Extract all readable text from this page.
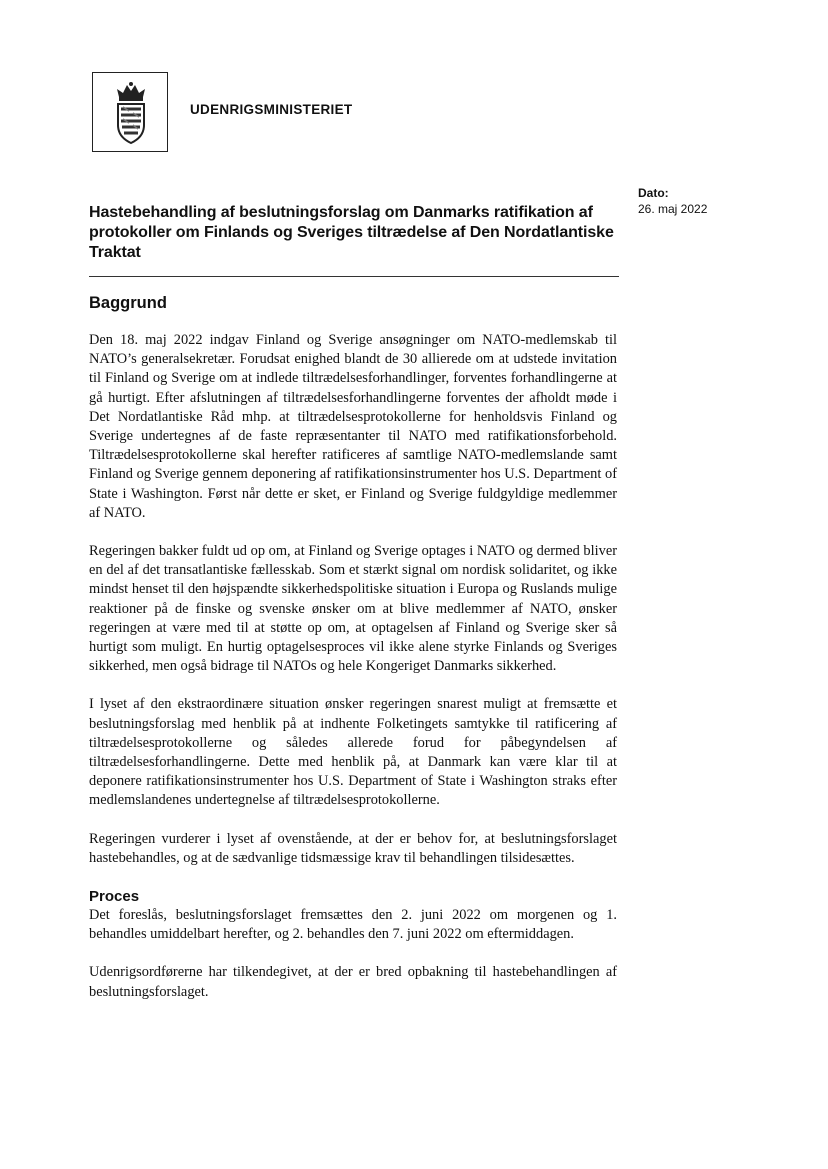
UDENRIGSMINISTERIET
Dato:
26. maj 2022
Hastebehandling af beslutningsforslag om Danmarks ratifikation af protokoller om Finlands og Sveriges tiltrædelse af Den Nordatlantiske Traktat
Baggrund

Den 18. maj 2022 indgav Finland og Sverige ansøgninger om NATO-medlemskab til NATO’s generalsekretær. Forudsat enighed blandt de 30 allierede om at udstede invitation til Finland og Sverige om at indlede tiltrædelsesforhandlinger, forventes forhandlingerne at gå hurtigt. Efter afslutningen af tiltrædelsesforhandlingerne forventes der afholdt møde i Det Nordatlantiske Råd mhp. at tiltrædelsesprotokollerne for henholdsvis Finland og Sverige undertegnes af de faste repræsentanter til NATO med ratifikationsforbehold. Tiltrædelsesprotokollerne skal herefter ratificeres af samtlige NATO-medlemslande samt Finland og Sverige gennem deponering af ratifikationsinstrumenter hos U.S. Department of State i Washington. Først når dette er sket, er Finland og Sverige fuldgyldige medlemmer af NATO.

Regeringen bakker fuldt ud op om, at Finland og Sverige optages i NATO og dermed bliver en del af det transatlantiske fællesskab. Som et stærkt signal om nordisk solidaritet, og ikke mindst henset til den højspændte sikkerhedspolitiske situation i Europa og Ruslands mulige reaktioner på de finske og svenske ønsker om at blive medlemmer af NATO, ønsker regeringen at være med til at støtte op om, at optagelsen af Finland og Sverige sker så hurtigt som muligt. En hurtig optagelsesproces vil ikke alene styrke Finlands og Sveriges sikkerhed, men også bidrage til NATOs og hele Kongeriget Danmarks sikkerhed.

I lyset af den ekstraordinære situation ønsker regeringen snarest muligt at fremsætte et beslutningsforslag med henblik på at indhente Folketingets samtykke til ratificering af tiltrædelsesprotokollerne og således allerede forud for påbegyndelsen af tiltrædelsesforhandlingerne. Dette med henblik på, at Danmark kan være klar til at deponere ratifikationsinstrumenter hos U.S. Department of State i Washington straks efter medlemslandenes undertegnelse af tiltrædelsesprotokollerne.

Regeringen vurderer i lyset af ovenstående, at der er behov for, at beslutningsforslaget hastebehandles, og at de sædvanlige tidsmæssige krav til behandlingen tilsidesættes.

Proces

Det foreslås, beslutningsforslaget fremsættes den 2. juni 2022 om morgenen og 1. behandles umiddelbart herefter, og 2. behandles den 7. juni 2022 om eftermiddagen.

Udenrigsordførerne har tilkendegivet, at der er bred opbakning til hastebehandlingen af beslutningsforslaget.
